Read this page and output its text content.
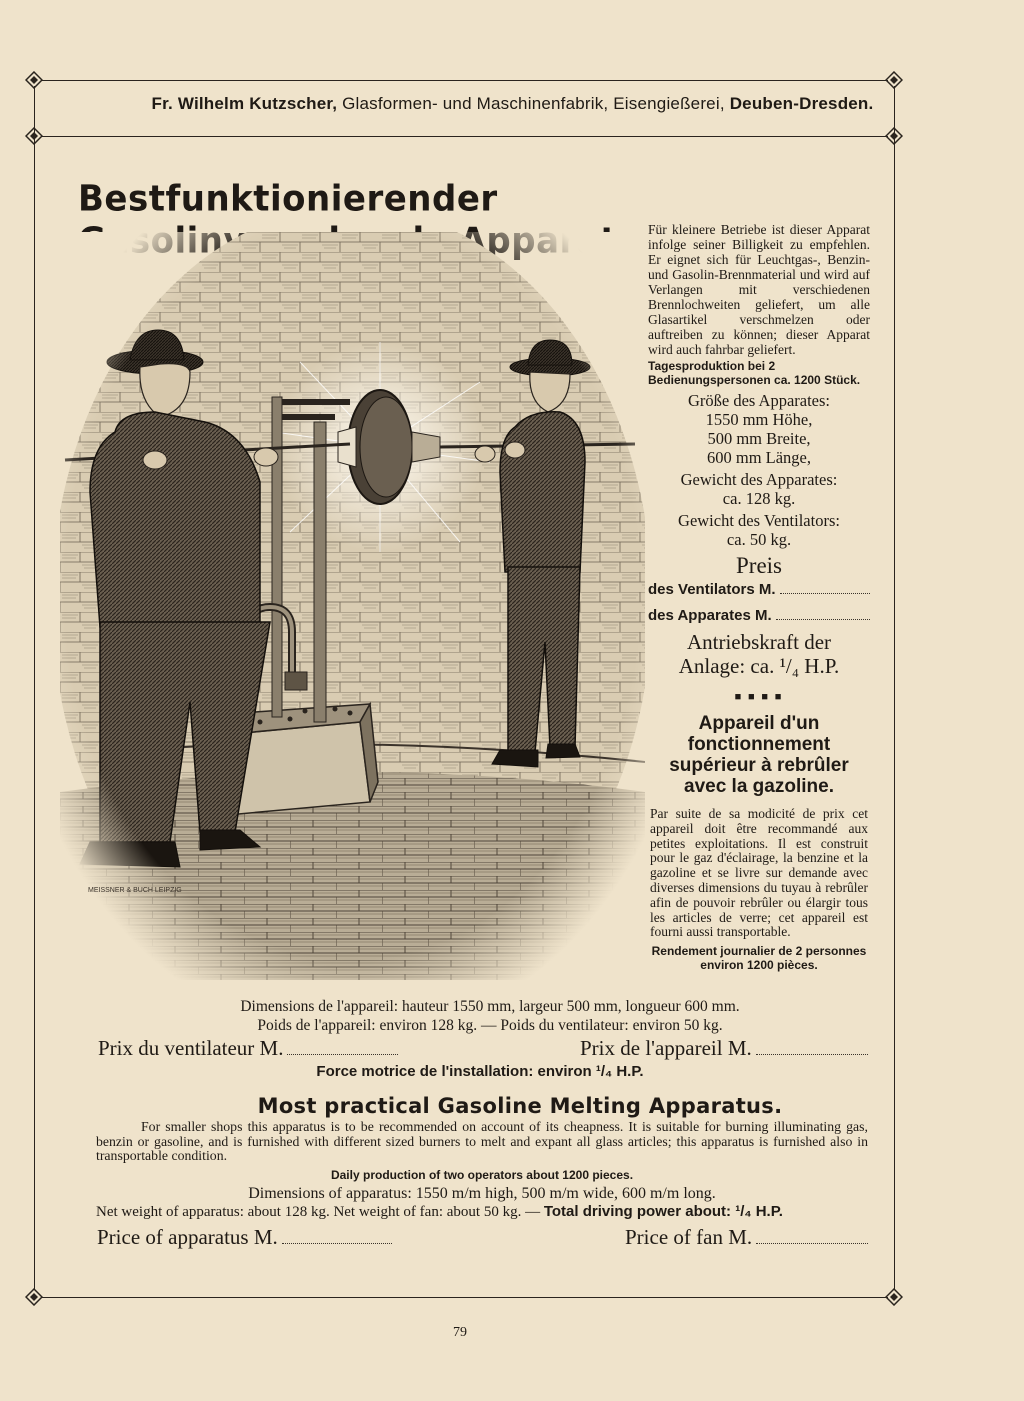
Fr. Wilhelm Kutzscher, Glasformen- und Maschinenfabrik, Eisengießerei, Deuben-Dresden.
Bestfunktionierender
MEISSNER & BUCH LEIPZIG
Für kleinere Betriebe ist dieser Apparat infolge seiner Billigkeit zu empfehlen. Er eignet sich für Leuchtgas-, Benzin- und Gasolin-Brennmaterial und wird auf Verlangen mit verschiedenen Brennlochweiten geliefert, um alle Glasartikel verschmelzen oder auftreiben zu können; dieser Apparat wird auch fahrbar geliefert.
Tagesproduktion bei 2 Bedienungspersonen ca. 1200 Stück.
Größe des Apparates:
1550 mm Höhe,
500 mm Breite,
600 mm Länge,
Gewicht des Apparates:
ca. 128 kg.
Gewicht des Ventilators:
ca. 50 kg.
Preis
des Ventilators M.
des Apparates M.
Antriebskraft der
Anlage: ca. ¹/₄ H.P.
■ ■ ■ ■
Appareil d'un fonctionnement supérieur à rebrûler avec la gazoline.
Par suite de sa modicité de prix cet appareil doit être recommandé aux petites exploitations. Il est construit pour le gaz d'éclairage, la benzine et la gazoline et se livre sur demande avec diverses dimensions du tuyau à rebrûler afin de pouvoir rebrûler ou élargir tous les articles de verre; cet appareil est fourni aussi transportable.
Rendement journalier de 2 personnes environ 1200 pièces.
Dimensions de l'appareil: hauteur 1550 mm, largeur 500 mm, longueur 600 mm.
Poids de l'appareil: environ 128 kg. — Poids du ventilateur: environ 50 kg.
Prix du ventilateur M.	Prix de l'appareil M.
Force motrice de l'installation: environ ¹/₄ H.P.
Most practical Gasoline Melting Apparatus.
For smaller shops this apparatus is to be recommended on account of its cheapness. It is suitable for burning illuminating gas, benzin or gasoline, and is furnished with different sized burners to melt and expant all glass articles; this apparatus is furnished also in transportable condition.
Daily production of two operators about 1200 pieces.
Dimensions of apparatus: 1550 m/m high, 500 m/m wide, 600 m/m long.
Net weight of apparatus: about 128 kg. Net weight of fan: about 50 kg. — Total driving power about: ¹/₄ H.P.
Price of apparatus M.	Price of fan M.
79
